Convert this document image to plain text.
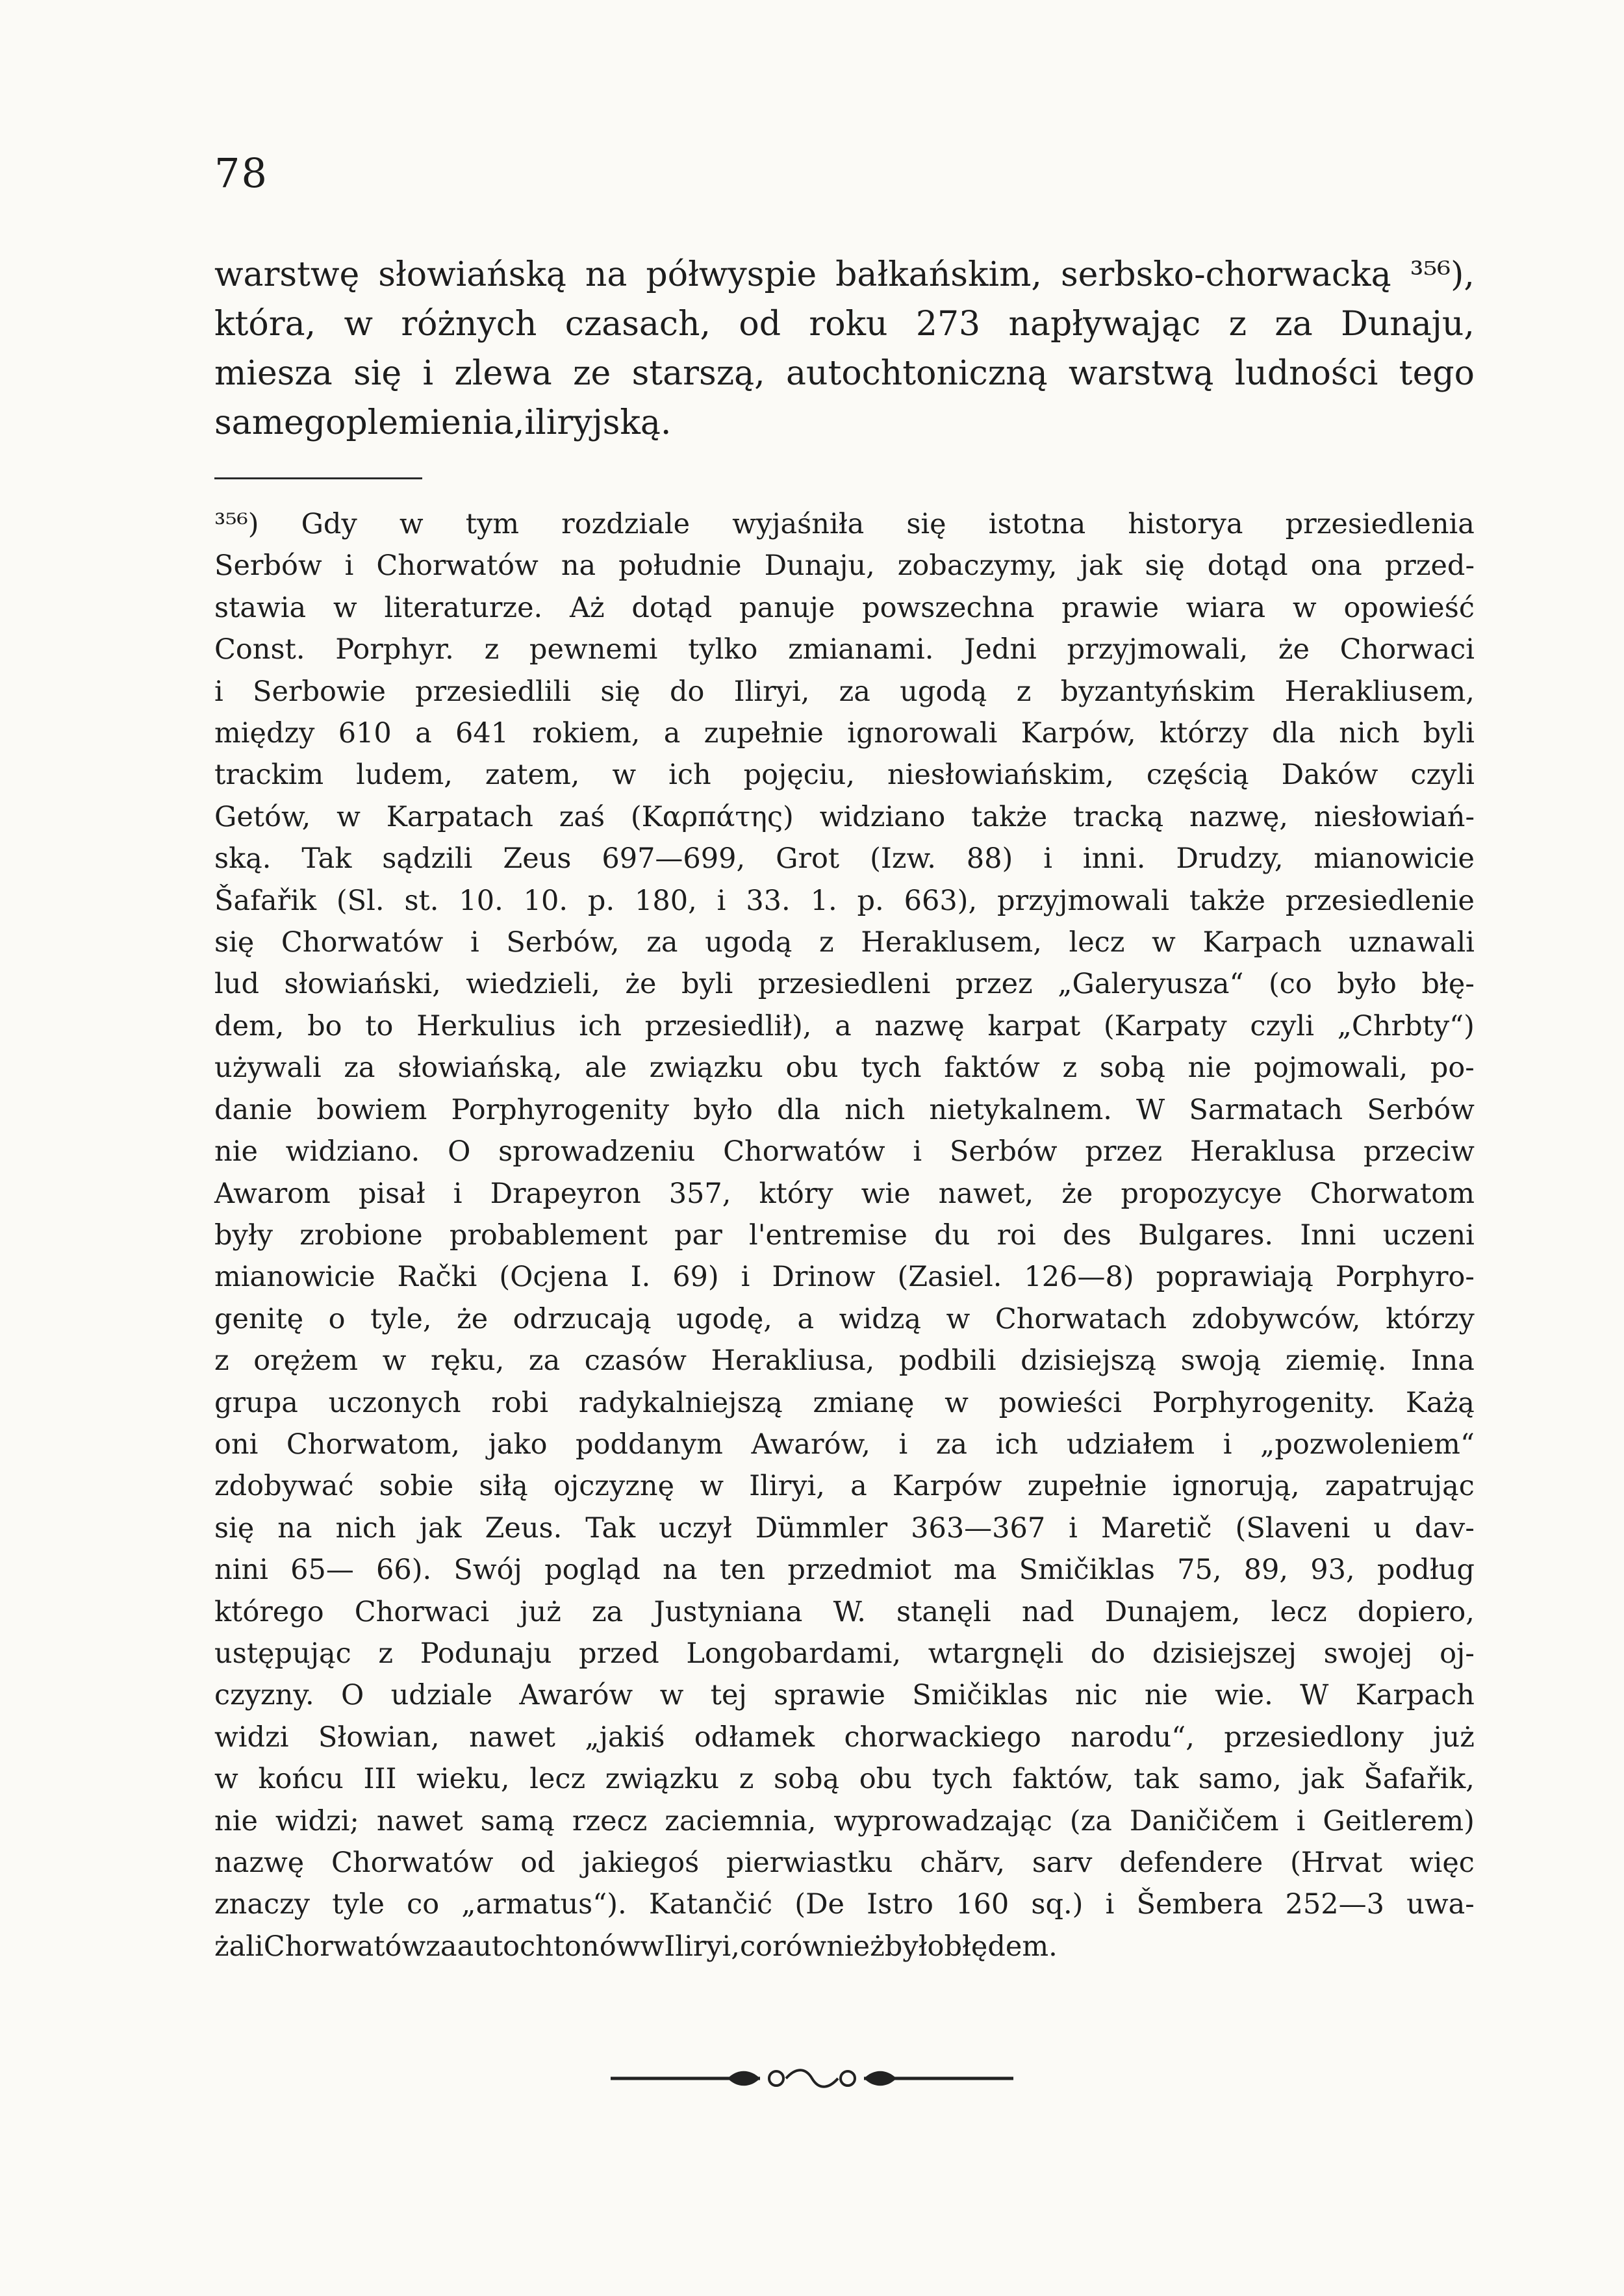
78
warstwę słowiańską na półwyspie bałkańskim, serbsko-chorwacką ³⁵⁶),
która, w różnych czasach, od roku 273 napływając z za Dunaju,
miesza się i zlewa ze starszą, autochtoniczną warstwą ludności tego
samego plemienia, iliryjską.
³⁵⁶) Gdy w tym rozdziale wyjaśniła się istotna historya przesiedlenia
Serbów i Chorwatów na południe Dunaju, zobaczymy, jak się dotąd ona przed-
stawia w literaturze. Aż dotąd panuje powszechna prawie wiara w opowieść
Const. Porphyr. z pewnemi tylko zmianami. Jedni przyjmowali, że Chorwaci
i Serbowie przesiedlili się do Iliryi, za ugodą z byzantyńskim Herakliusem,
między 610 a 641 rokiem, a zupełnie ignorowali Karpów, którzy dla nich byli
trackim ludem, zatem, w ich pojęciu, niesłowiańskim, częścią Daków czyli
Getów, w Karpatach zaś (Καρπάτης) widziano także tracką nazwę, niesłowiań-
ską. Tak sądzili Zeus 697—699, Grot (Izw. 88) i inni. Drudzy, mianowicie
Šafařik (Sl. st. 10. 10. p. 180, i 33. 1. p. 663), przyjmowali także przesiedlenie
się Chorwatów i Serbów, za ugodą z Heraklusem, lecz w Karpach uznawali
lud słowiański, wiedzieli, że byli przesiedleni przez „Galeryusza“ (co było błę-
dem, bo to Herkulius ich przesiedlił), a nazwę karpat (Karpaty czyli „Chrbty“)
używali za słowiańską, ale związku obu tych faktów z sobą nie pojmowali, po-
danie bowiem Porphyrogenity było dla nich nietykalnem. W Sarmatach Serbów
nie widziano. O sprowadzeniu Chorwatów i Serbów przez Heraklusa przeciw
Awarom pisał i Drapeyron 357, który wie nawet, że propozycye Chorwatom
były zrobione probablement par l'entremise du roi des Bulgares. Inni uczeni
mianowicie Rački (Ocjena I. 69) i Drinow (Zasiel. 126—8) poprawiają Porphyro-
genitę o tyle, że odrzucają ugodę, a widzą w Chorwatach zdobywców, którzy
z orężem w ręku, za czasów Herakliusa, podbili dzisiejszą swoją ziemię. Inna
grupa uczonych robi radykalniejszą zmianę w powieści Porphyrogenity. Każą
oni Chorwatom, jako poddanym Awarów, i za ich udziałem i „pozwoleniem“
zdobywać sobie siłą ojczyznę w Iliryi, a Karpów zupełnie ignorują, zapatrując
się na nich jak Zeus. Tak uczył Dümmler 363—367 i Maretič (Slaveni u dav-
nini 65— 66). Swój pogląd na ten przedmiot ma Smičiklas 75, 89, 93, podług
którego Chorwaci już za Justyniana W. stanęli nad Dunajem, lecz dopiero,
ustępując z Podunaju przed Longobardami, wtargnęli do dzisiejszej swojej oj-
czyzny. O udziale Awarów w tej sprawie Smičiklas nic nie wie. W Karpach
widzi Słowian, nawet „jakiś odłamek chorwackiego narodu“, przesiedlony już
w końcu III wieku, lecz związku z sobą obu tych faktów, tak samo, jak Šafařik,
nie widzi; nawet samą rzecz zaciemnia, wyprowadzając (za Daničičem i Geitlerem)
nazwę Chorwatów od jakiegoś pierwiastku chărv, sarv defendere (Hrvat więc
znaczy tyle co „armatus“). Katančić (De Istro 160 sq.) i Šembera 252—3 uwa-
żali Chorwatów za autochtonów w Iliryi, co również było błędem.
